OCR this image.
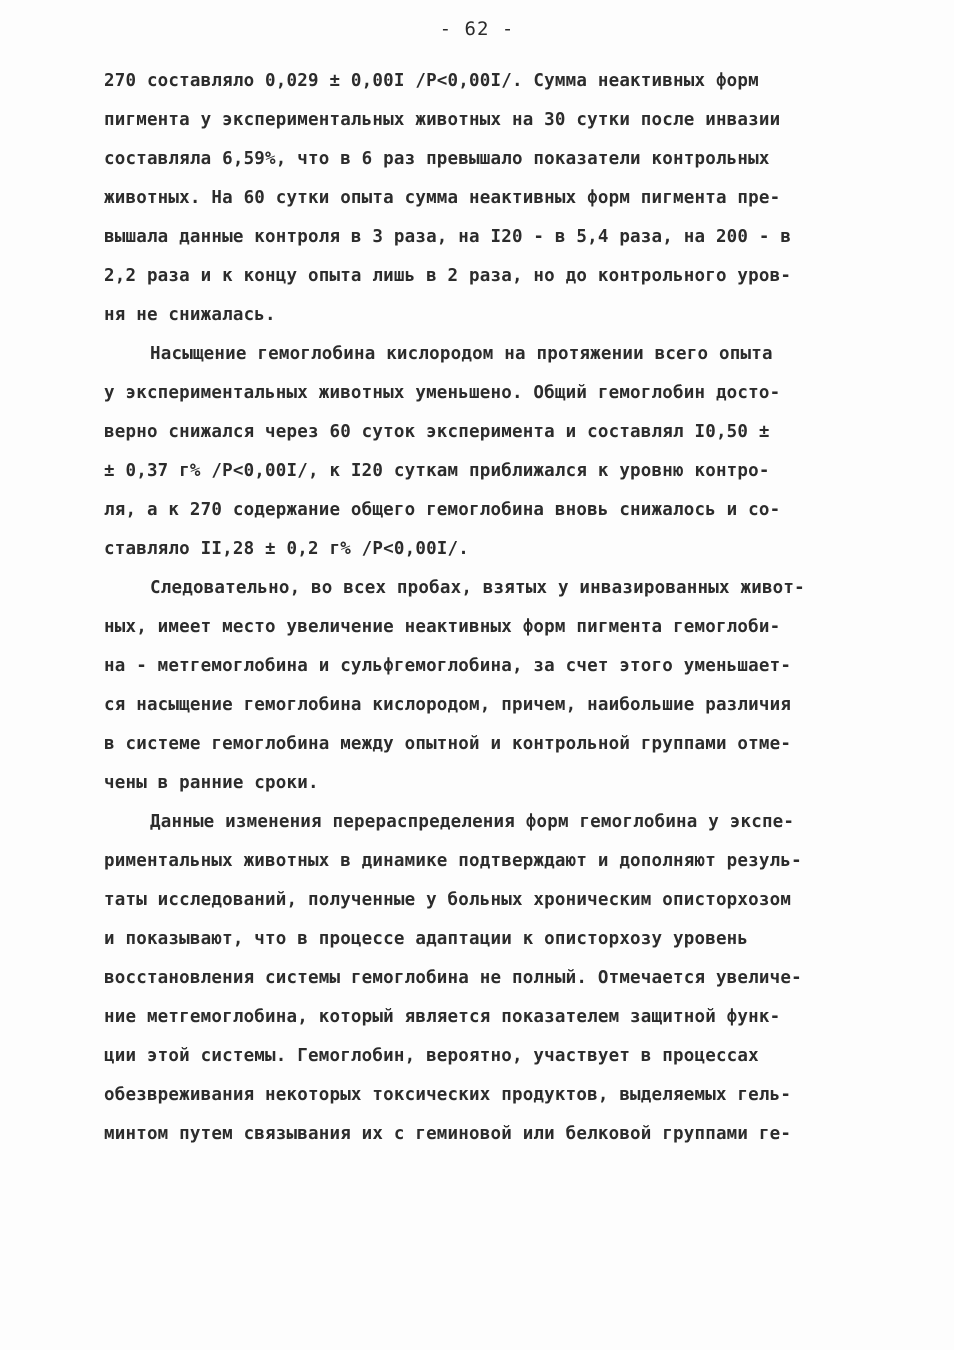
- 62 -
270 составляло 0,029 ± 0,00I /Р<0,00I/. Сумма неактивных форм
пигмента у экспериментальных животных на 30 сутки после инвазии
составляла 6,59%, что в 6 раз превышало показатели контрольных
животных. На 60 сутки опыта сумма неактивных форм пигмента пре-
вышала данные контроля в 3 раза, на I20 - в 5,4 раза, на 200 - в
2,2 раза и к концу опыта лишь в 2 раза, но до контрольного уров-
ня не снижалась.
Насыщение гемоглобина кислородом на протяжении всего опыта
у экспериментальных животных уменьшено. Общий гемоглобин досто-
верно снижался через 60 суток эксперимента и составлял I0,50 ±
± 0,37 г% /Р<0,00I/, к I20 суткам приближался к уровню контро-
ля, а к 270 содержание общего гемоглобина вновь снижалось и со-
ставляло II,28 ± 0,2 г% /Р<0,00I/.
Следовательно, во всех пробах, взятых у инвазированных живот-
ных, имеет место увеличение неактивных форм пигмента гемоглоби-
на - метгемоглобина и сульфгемоглобина, за счет этого уменьшает-
ся насыщение гемоглобина кислородом, причем, наибольшие различия
в системе гемоглобина между опытной и контрольной группами отме-
чены в ранние сроки.
Данные изменения перераспределения форм гемоглобина у экспе-
риментальных животных в динамике подтверждают и дополняют резуль-
таты исследований, полученные у больных хроническим описторхозом
и показывают, что в процессе адаптации к описторхозу уровень
восстановления системы гемоглобина не полный. Отмечается увеличе-
ние метгемоглобина, который является показателем защитной функ-
ции этой системы. Гемоглобин, вероятно, участвует в процессах
обезвреживания некоторых токсических продуктов, выделяемых гель-
минтом путем связывания их с геминовой или белковой группами ге-
